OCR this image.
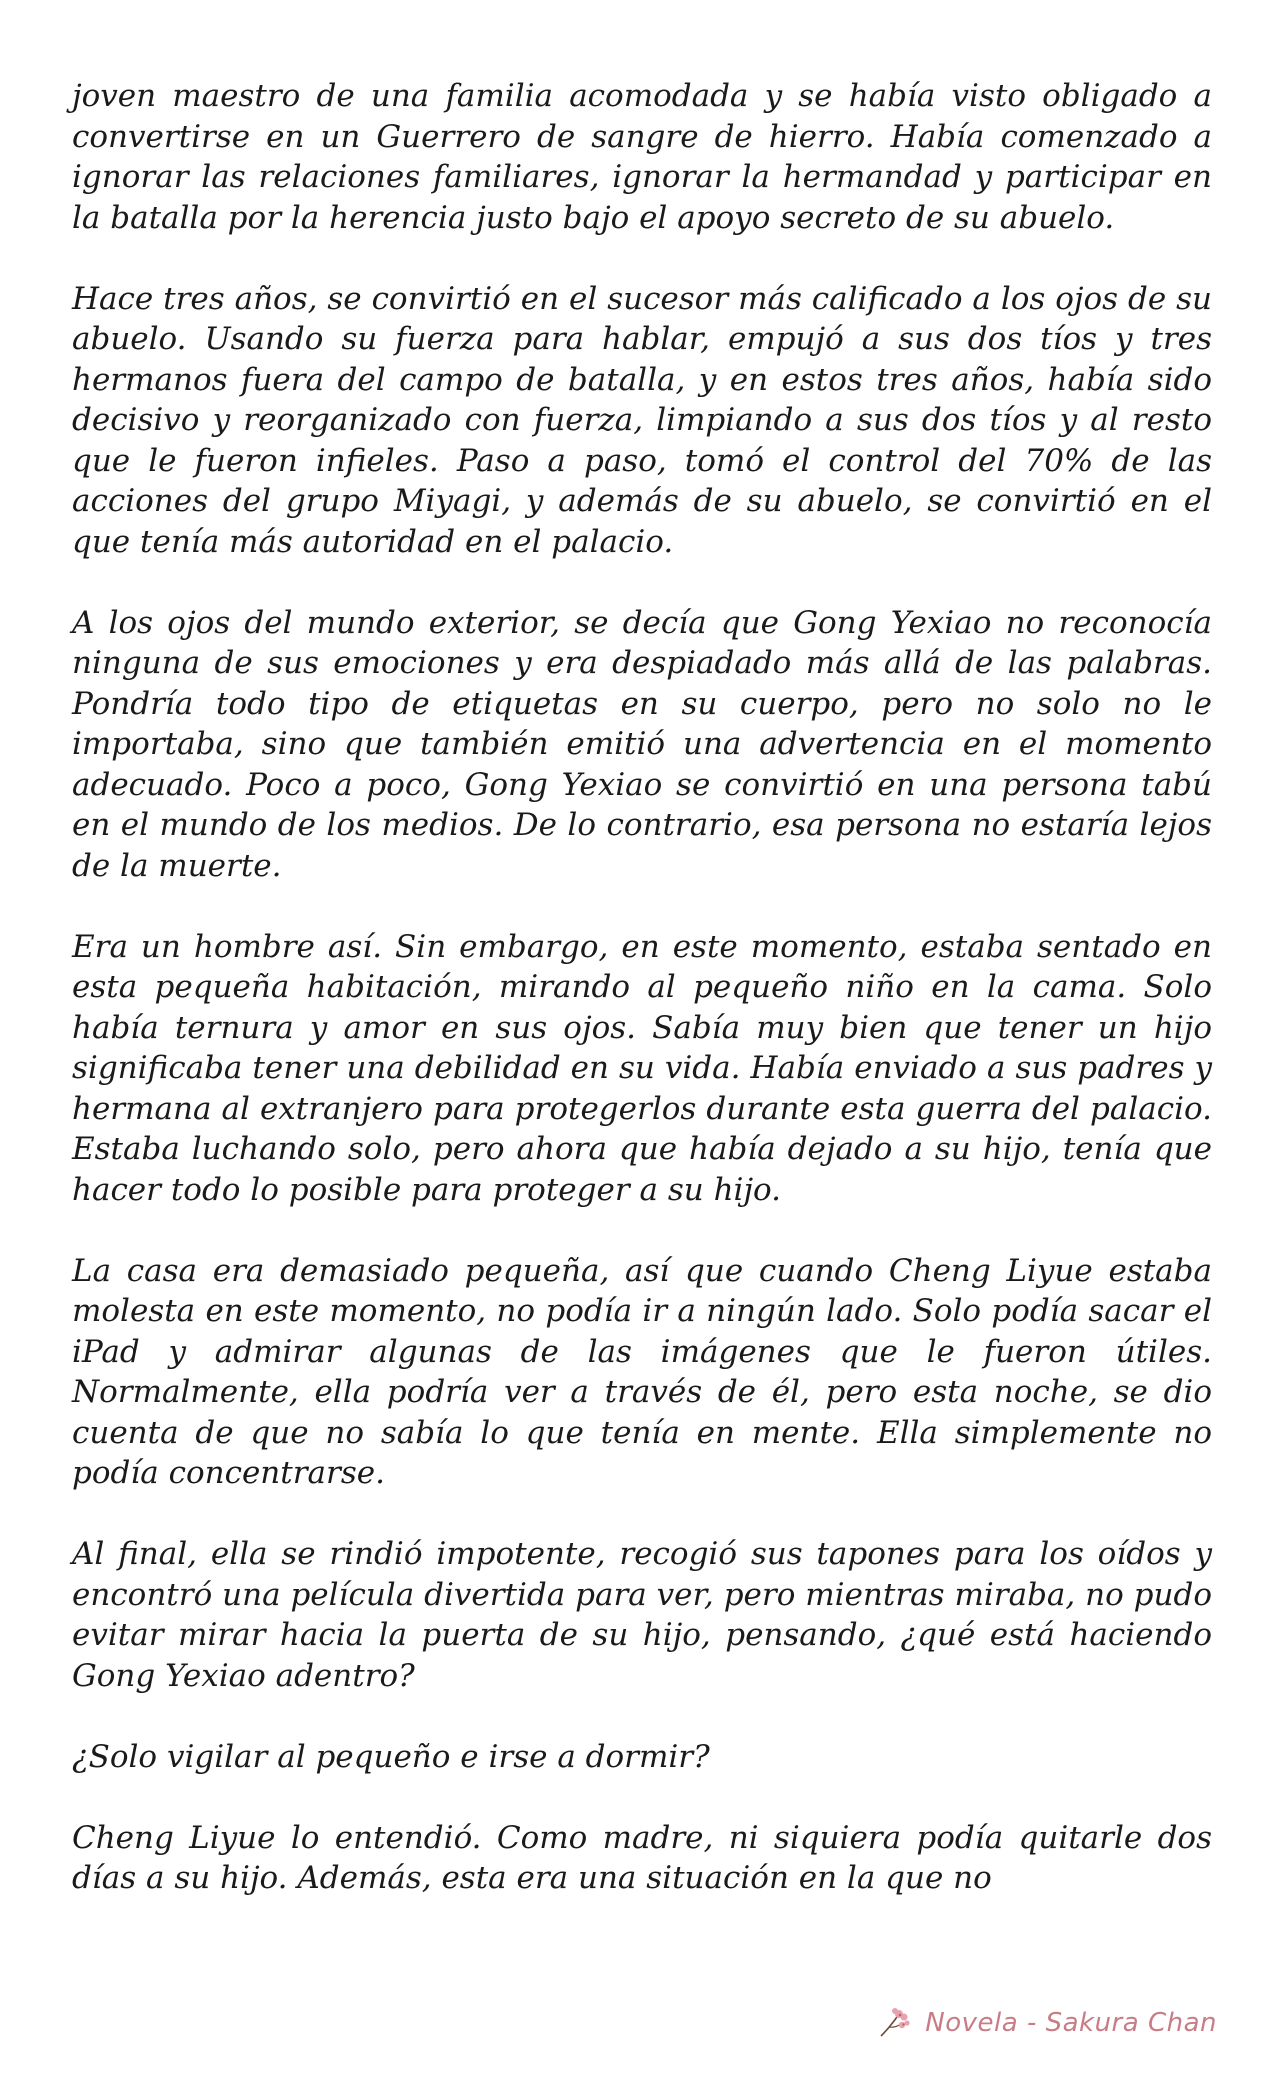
joven maestro de una familia acomodada y se había visto obligado a convertirse en un Guerrero de sangre de hierro. Había comenzado a ignorar las relaciones familiares, ignorar la hermandad y participar en la batalla por la herencia justo bajo el apoyo secreto de su abuelo.

Hace tres años, se convirtió en el sucesor más calificado a los ojos de su abuelo. Usando su fuerza para hablar, empujó a sus dos tíos y tres hermanos fuera del campo de batalla, y en estos tres años, había sido decisivo y reorganizado con fuerza, limpiando a sus dos tíos y al resto que le fueron infieles. Paso a paso, tomó el control del 70% de las acciones del grupo Miyagi, y además de su abuelo, se convirtió en el que tenía más autoridad en el palacio.

A los ojos del mundo exterior, se decía que Gong Yexiao no reconocía ninguna de sus emociones y era despiadado más allá de las palabras. Pondría todo tipo de etiquetas en su cuerpo, pero no solo no le importaba, sino que también emitió una advertencia en el momento adecuado. Poco a poco, Gong Yexiao se convirtió en una persona tabú en el mundo de los medios. De lo contrario, esa persona no estaría lejos de la muerte.

Era un hombre así. Sin embargo, en este momento, estaba sentado en esta pequeña habitación, mirando al pequeño niño en la cama. Solo había ternura y amor en sus ojos. Sabía muy bien que tener un hijo significaba tener una debilidad en su vida. Había enviado a sus padres y hermana al extranjero para protegerlos durante esta guerra del palacio. Estaba luchando solo, pero ahora que había dejado a su hijo, tenía que hacer todo lo posible para proteger a su hijo.

La casa era demasiado pequeña, así que cuando Cheng Liyue estaba molesta en este momento, no podía ir a ningún lado. Solo podía sacar el iPad y admirar algunas de las imágenes que le fueron útiles. Normalmente, ella podría ver a través de él, pero esta noche, se dio cuenta de que no sabía lo que tenía en mente. Ella simplemente no podía concentrarse.

Al final, ella se rindió impotente, recogió sus tapones para los oídos y encontró una película divertida para ver, pero mientras miraba, no pudo evitar mirar hacia la puerta de su hijo, pensando, ¿qué está haciendo Gong Yexiao adentro?

¿Solo vigilar al pequeño e irse a dormir?

Cheng Liyue lo entendió. Como madre, ni siquiera podía quitarle dos días a su hijo. Además, esta era una situación en la que no

Novela - Sakura Chan
